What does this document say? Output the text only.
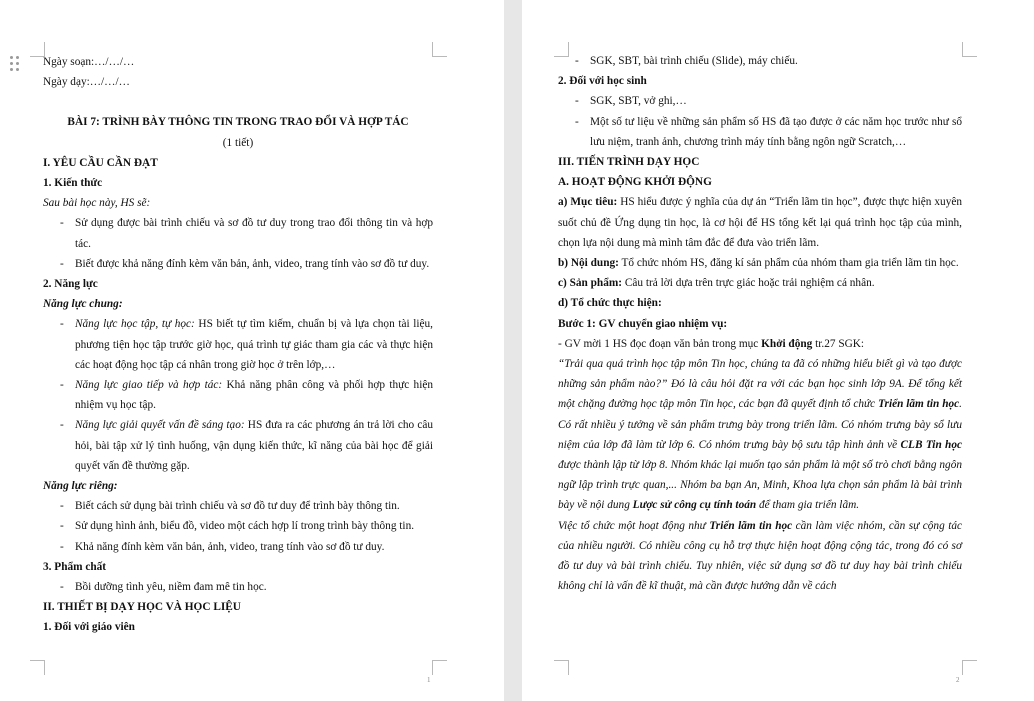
1

Ngày soạn:…/…/…

Ngày dạy:…/…/…

BÀI 7: TRÌNH BÀY THÔNG TIN TRONG TRAO ĐỔI VÀ HỢP TÁC

(1 tiết)

I. YÊU CẦU CẦN ĐẠT

1. Kiến thức

Sau bài học này, HS sẽ:

- Sử dụng được bài trình chiếu và sơ đồ tư duy trong trao đổi thông tin và hợp tác.

- Biết được khả năng đính kèm văn bản, ảnh, video, trang tính vào sơ đồ tư duy.

2. Năng lực

Năng lực chung:

- Năng lực học tập, tự học: HS biết tự tìm kiếm, chuẩn bị và lựa chọn tài liệu, phương tiện học tập trước giờ học, quá trình tự giác tham gia các và thực hiện các hoạt động học tập cá nhân trong giờ học ở trên lớp,…

- Năng lực giao tiếp và hợp tác: Khả năng phân công và phối hợp thực hiện nhiệm vụ học tập.

- Năng lực giải quyết vấn đề sáng tạo: HS đưa ra các phương án trả lời cho câu hỏi, bài tập xử lý tình huống, vận dụng kiến thức, kĩ năng của bài học để giải quyết vấn đề thường gặp.

Năng lực riêng:

- Biết cách sử dụng bài trình chiếu và sơ đồ tư duy để trình bày thông tin.

- Sử dụng hình ảnh, biểu đồ, video một cách hợp lí trong trình bày thông tin.

- Khả năng đính kèm văn bản, ảnh, video, trang tính vào sơ đồ tư duy.

3. Phẩm chất

- Bồi dưỡng tình yêu, niềm đam mê tin học.

II. THIẾT BỊ DẠY HỌC VÀ HỌC LIỆU

1. Đối với giáo viên

2

- SGK, SBT, bài trình chiếu (Slide), máy chiếu.

2. Đối với học sinh

- SGK, SBT, vở ghi,…

- Một số tư liệu về những sản phẩm số HS đã tạo được ở các năm học trước như sổ lưu niệm, tranh ảnh, chương trình máy tính bằng ngôn ngữ Scratch,…

III. TIẾN TRÌNH DẠY HỌC

A. HOẠT ĐỘNG KHỞI ĐỘNG

a) Mục tiêu: HS hiểu được ý nghĩa của dự án “Triển lãm tin học”, được thực hiện xuyên suốt chủ đề Ứng dụng tin học, là cơ hội để HS tổng kết lại quá trình học tập của mình, chọn lựa nội dung mà mình tâm đắc để đưa vào triển lãm.

b) Nội dung: Tổ chức nhóm HS, đăng kí sản phẩm của nhóm tham gia triển lãm tin học.

c) Sản phẩm: Câu trả lời dựa trên trực giác hoặc trải nghiệm cá nhân.

d) Tổ chức thực hiện:

Bước 1: GV chuyển giao nhiệm vụ:

- GV mời 1 HS đọc đoạn văn bản trong mục Khởi động tr.27 SGK:

“Trải qua quá trình học tập môn Tin học, chúng ta đã có những hiểu biết gì và tạo được những sản phẩm nào?” Đó là câu hỏi đặt ra với các bạn học sinh lớp 9A. Để tổng kết một chặng đường học tập môn Tin học, các bạn đã quyết định tổ chức Triển lãm tin học. Có rất nhiều ý tưởng về sản phẩm trưng bày trong triển lãm. Có nhóm trưng bày sổ lưu niệm của lớp đã làm từ lớp 6. Có nhóm trưng bày bộ sưu tập hình ảnh về CLB Tin học được thành lập từ lớp 8. Nhóm khác lại muốn tạo sản phẩm là một số trò chơi bằng ngôn ngữ lập trình trực quan,... Nhóm ba bạn An, Minh, Khoa lựa chọn sản phẩm là bài trình bày về nội dung Lược sử công cụ tính toán để tham gia triển lãm.

Việc tổ chức một hoạt động như Triển lãm tin học cần làm việc nhóm, cần sự cộng tác của nhiều người. Có nhiều công cụ hỗ trợ thực hiện hoạt động cộng tác, trong đó có sơ đồ tư duy và bài trình chiếu. Tuy nhiên, việc sử dụng sơ đồ tư duy hay bài trình chiếu không chỉ là vấn đề kĩ thuật, mà cần được hướng dẫn về cách
